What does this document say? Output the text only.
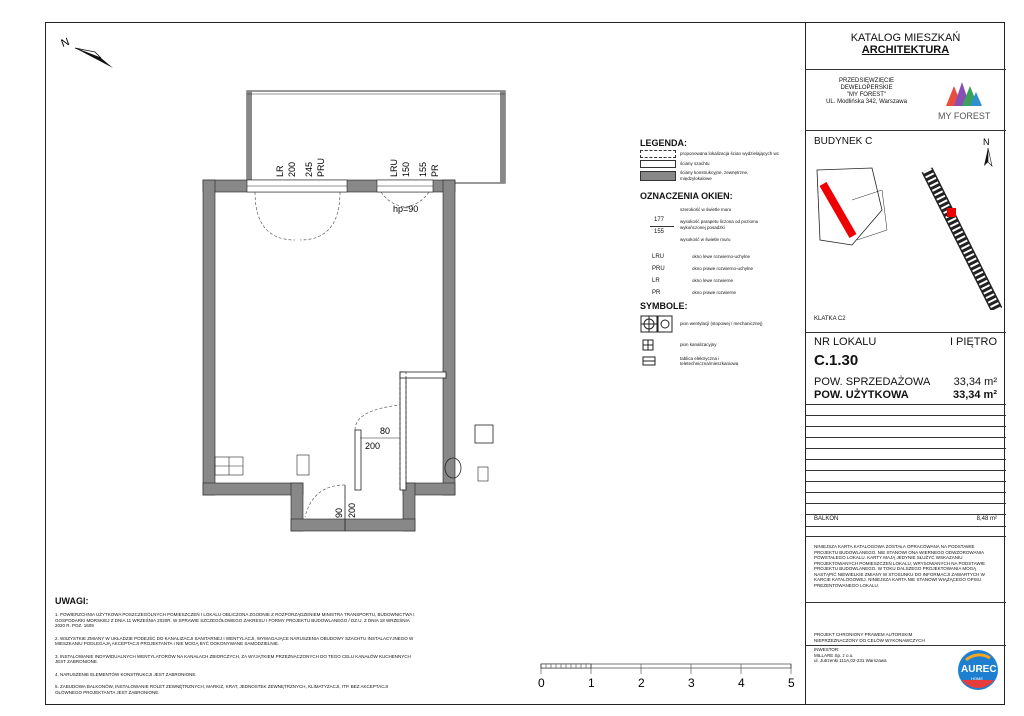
N
LR 200 245 PRU	LRU 150 155 PR
hp=90
80
200
90 200
LEGENDA:
proponowana lokalizacja ścian wydzielających wc
ściany szachtu
ściany konstrukcyjne, zewnętrzne, międzylokalowe
OZNACZENIA OKIEN:
177
155
szerokość w świetle muru
wysokość parapetu liczona od poziomu wykończonej posadzki
wysokość w świetle muru
LRU	okno lewe rozwierno-uchylne
PRU	okno prawe rozwierno-uchylne
LR	okno lewe rozwierne
PR	okno prawe rozwierne
SYMBOLE:
pion wentylacji (stopowej / mechanicznej)
pion kanalizacyjny
tablica elektryczna i teletechniczna/mieszkaniowa
UWAGI:
1. POWIERZCHNIA UŻYTKOWA POSZCZEGÓLNYCH POMIESZCZEŃ I LOKALU OBLICZONA ZGODNIE Z ROZPORZĄDZENIEM MINISTRA TRANSPORTU, BUDOWNICTWA I GOSPODARKI MORSKIEJ Z DNIA 11 WRZEŚNIA 2020R. W SPRAWIE SZCZEGÓŁOWEGO ZAKRESU I FORMY PROJEKTU BUDOWLANEGO / DZ.U. Z DNIA 18 WRZEŚNIA 2020 R. POZ. 1609
2. WSZYSTKIE ZMIANY W UKŁADZIE PODEJŚĆ DO KANALIZACJI SANITARNEJ I WENTYLACJI, WYMAGAJĄCE NARUSZENIA OBUDOWY SZACHTU INSTALACYJNEGO W MIESZKANIU PODLEGAJĄ AKCEPTACJI PROJEKTANTA I NIE MOGĄ BYĆ DOKONYWANE SAMODZIELNIE.
3. INSTALOWANIE INDYWIDUALNYCH WENTYLATORÓW NA KANAŁACH ZBIORCZYCH, ZA WYJĄTKIEM PRZEZNACZONYCH DO TEGO CELU KANAŁÓW KUCHENNYCH JEST ZABRONIONE.
4. NARUSZENIE ELEMENTÓW KONSTRUKCJI JEST ZABRONIONE.
5. ZABUDOWA BALKONÓW, INSTALOWANIE ROLET ZEWNĘTRZNYCH, MARKIZ, KRAT, JEDNOSTEK ZEWNĘTRZNYCH, KLIMATYZACJI, ITP. BEZ AKCEPTACJI GŁÓWNEGO PROJEKTANTA JEST ZABRONIONE.
0	1	2	3	4	5
KATALOG MIESZKAŃ
ARCHITEKTURA
PRZEDSIĘWZIĘCIE
DEWELOPERSKIE
"MY FOREST"
UL. Modlińska 342, Warszawa
MY FOREST
BUDYNEK C	N
KLATKA C2
NR LOKALU	I PIĘTRO
C.1.30
POW. SPRZEDAŻOWA 33,34 m²
POW. UŻYTKOWA	33,34 m²
BALKON	8,48 m²
NINIEJSZA KARTA KATALOGOWA ZOSTAŁA OPRACOWANA NA PODSTAWIE PROJEKTU BUDOWLANEGO. NIE STANOWI ONA WIERNEGO ODWZOROWANIA POWSTAŁEGO LOKALU. KARTY MAJĄ JEDYNIE SŁUŻYĆ WSKAZANIU PROJEKTOWANYCH POMIESZCZEŃ LOKALU, WRYSOWANYCH NA PODSTAWIE PROJEKTU BUDOWLANEGO. W TOKU DALSZEGO PROJEKTOWANIA MOGĄ NASTĄPIĆ NIEWIELKIE ZMIANY W STOSUNKU DO INFORMACJI ZAWARTYCH W KARCIE KATALOGOWEJ. NINIEJSZA KARTA NIE STANOWI WIĄŻĄCEGO OPISU PREZENTOWANEGO LOKALU.
PROJEKT CHRONIONY PRAWEM AUTORSKIM NIEPRZEZNACZONY DO CELÓW WYKONAWCZYCH
INWESTOR:
MILLARE Sp. z o.o.
ul. Jutrzenki 111A,02-231 Warszawa
AUREC
HOME
